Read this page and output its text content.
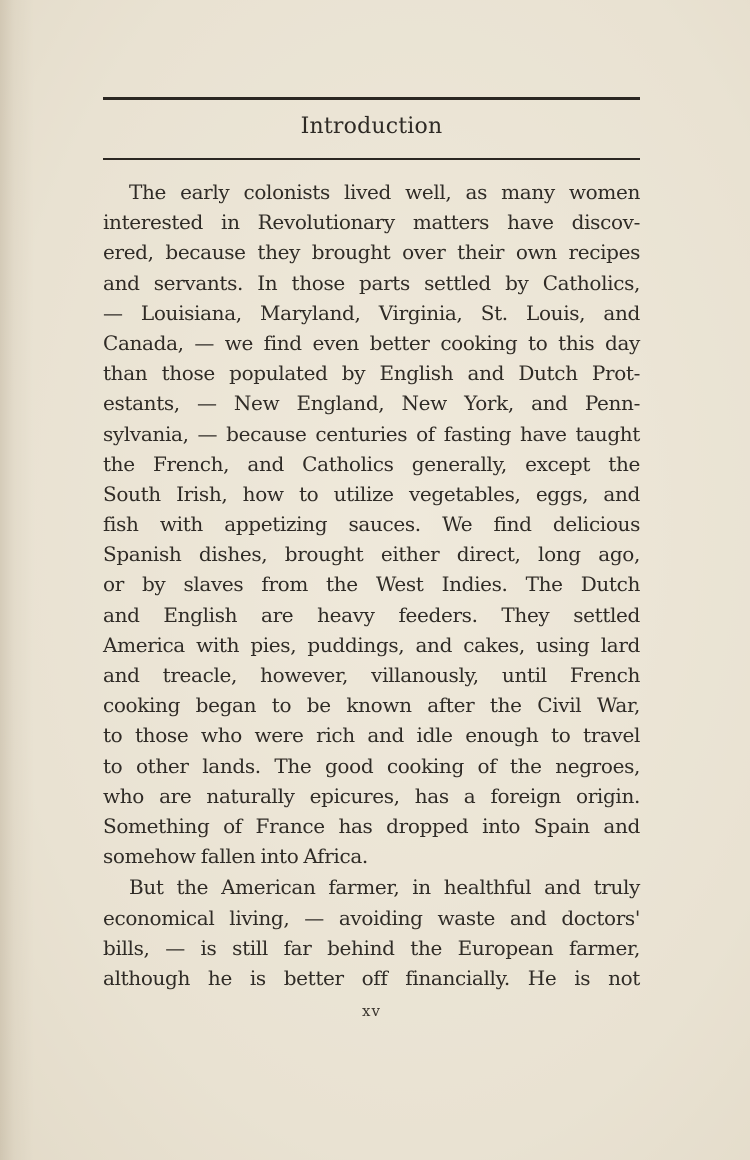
Introduction
The early colonists lived well, as many women
interested in Revolutionary matters have discov-
ered, because they brought over their own recipes
and servants. In those parts settled by Catholics,
— Louisiana, Maryland, Virginia, St. Louis, and
Canada, — we find even better cooking to this day
than those populated by English and Dutch Prot-
estants, — New England, New York, and Penn-
sylvania, — because centuries of fasting have taught
the French, and Catholics generally, except the
South Irish, how to utilize vegetables, eggs, and
fish with appetizing sauces. We find delicious
Spanish dishes, brought either direct, long ago,
or by slaves from the West Indies. The Dutch
and English are heavy feeders. They settled
America with pies, puddings, and cakes, using lard
and treacle, however, villanously, until French
cooking began to be known after the Civil War,
to those who were rich and idle enough to travel
to other lands. The good cooking of the negroes,
who are naturally epicures, has a foreign origin.
Something of France has dropped into Spain and
somehow fallen into Africa.
But the American farmer, in healthful and truly
economical living, — avoiding waste and doctors'
bills, — is still far behind the European farmer,
although he is better off financially. He is not
xv
